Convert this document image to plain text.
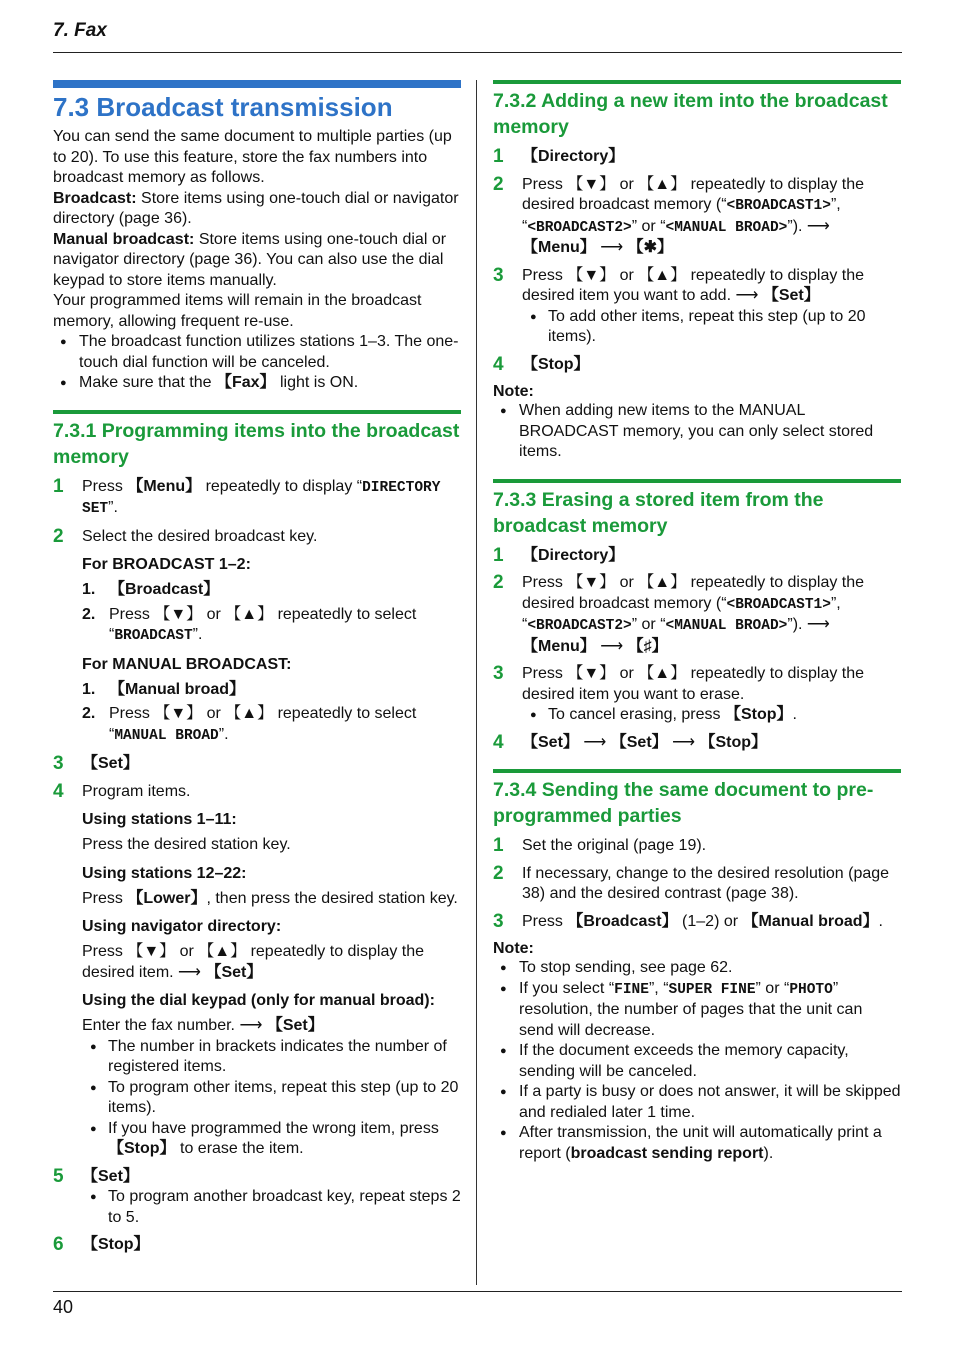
7. Fax
7.3 Broadcast transmission

You can send the same document to multiple parties (up to 20). To use this feature, store the fax numbers into broadcast memory as follows.

Broadcast: Store items using one-touch dial or navigator directory (page 36).

Manual broadcast: Store items using one-touch dial or navigator directory (page 36). You can also use the dial keypad to store items manually.

Your programmed items will remain in the broadcast memory, allowing frequent re-use.

● The broadcast function utilizes stations 1–3. The one-touch dial function will be canceled.
● Make sure that the 【Fax】 light is ON.
7.3.1 Programming items into the broadcast memory
1	Press 【Menu】 repeatedly to display “DIRECTORY SET”.
2	Select the desired broadcast key.
For BROADCAST 1–2:
1. 【Broadcast】
2. Press 【▼】 or 【▲】 repeatedly to select “BROADCAST”.
For MANUAL BROADCAST:
1. 【Manual broad】
2. Press 【▼】 or 【▲】 repeatedly to select “MANUAL BROAD”.
3	【Set】
4	Program items.
Using stations 1–11:
Press the desired station key.
Using stations 12–22:
Press 【Lower】, then press the desired station key.
Using navigator directory:
Press 【▼】 or 【▲】 repeatedly to display the desired item. ⟶ 【Set】
Using the dial keypad (only for manual broad):
Enter the fax number. ⟶ 【Set】
● The number in brackets indicates the number of registered items.
● To program other items, repeat this step (up to 20 items).
● If you have programmed the wrong item, press 【Stop】 to erase the item.
5	【Set】
● To program another broadcast key, repeat steps 2 to 5.
6	【Stop】
7.3.2 Adding a new item into the broadcast memory
1	【Directory】
2	Press 【▼】 or 【▲】 repeatedly to display the desired broadcast memory (“<BROADCAST1>”, “<BROADCAST2>” or “<MANUAL BROAD>”). ⟶ 【Menu】 ⟶ 【✱】
3	Press 【▼】 or 【▲】 repeatedly to display the desired item you want to add. ⟶ 【Set】
● To add other items, repeat this step (up to 20 items).
4	【Stop】
Note:
● When adding new items to the MANUAL BROADCAST memory, you can only select stored items.
7.3.3 Erasing a stored item from the broadcast memory
1	【Directory】
2	Press 【▼】 or 【▲】 repeatedly to display the desired broadcast memory (“<BROADCAST1>”, “<BROADCAST2>” or “<MANUAL BROAD>”). ⟶ 【Menu】 ⟶ 【♯】
3	Press 【▼】 or 【▲】 repeatedly to display the desired item you want to erase.
● To cancel erasing, press 【Stop】.
4	【Set】 ⟶ 【Set】 ⟶ 【Stop】
7.3.4 Sending the same document to pre-programmed parties
1	Set the original (page 19).
2	If necessary, change to the desired resolution (page 38) and the desired contrast (page 38).
3	Press 【Broadcast】 (1–2) or 【Manual broad】.
Note:
● To stop sending, see page 62.
● If you select “FINE”, “SUPER FINE” or “PHOTO” resolution, the number of pages that the unit can send will decrease.
● If the document exceeds the memory capacity, sending will be canceled.
● If a party is busy or does not answer, it will be skipped and redialed later 1 time.
● After transmission, the unit will automatically print a report (broadcast sending report).
40
